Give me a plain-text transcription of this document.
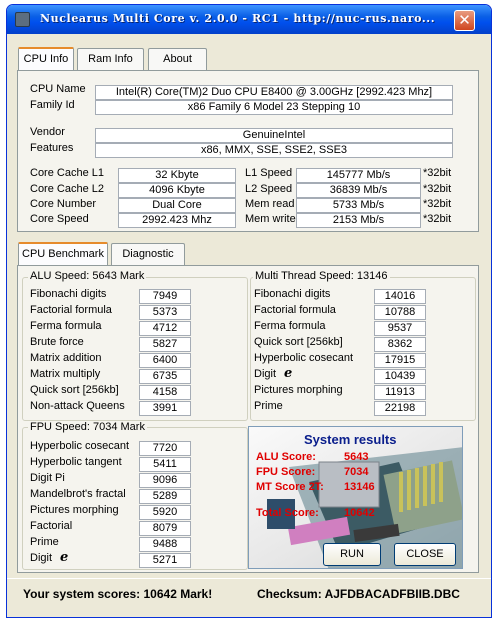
Nuclearus Multi Core v. 2.0.0 - RC1 - http://nuc-rus.naro...	✕
CPU Info	Ram Info	About
CPU Name	Intel(R) Core(TM)2 Duo CPU E8400 @ 3.00GHz [2992.423 Mhz]
Family Id	x86 Family 6 Model 23 Stepping 10
Vendor	GenuineIntel
Features	x86, MMX, SSE, SSE2, SSE3
Core Cache L1	32 Kbyte
Core Cache L2	4096 Kbyte
Core Number	Dual Core
Core Speed	2992.423 Mhz
L1 Speed	145777 Mb/s	*32bit
L2 Speed	36839 Mb/s	*32bit
Mem read	5733 Mb/s	*32bit
Mem write	2153 Mb/s	*32bit
CPU Benchmark	Diagnostic
ALU Speed: 5643 Mark
Fibonachi digits	7949
Factorial formula	5373
Ferma formula	4712
Brute force	5827
Matrix addition	6400
Matrix multiply	6735
Quick sort [256kb]	4158
Non-attack Queens	3991
Multi Thread Speed: 13146
Fibonachi digits	14016
Factorial formula	10788
Ferma formula	9537
Quick sort [256kb]	8362
Hyperbolic cosecant	17915
Digit e	10439
Pictures morphing	11913
Prime	22198
FPU Speed: 7034 Mark
Hyperbolic cosecant	7720
Hyperbolic tangent	5411
Digit Pi	9096
Mandelbrot's fractal	5289
Pictures morphing	5920
Factorial	8079
Prime	9488
Digit e	5271
System results
ALU Score:	5643
FPU Score:	7034
MT Score 2T: 13146
Total Score: 10642
RUN	CLOSE
Your system scores: 10642 Mark!	Checksum: AJFDBACADFBIIB.DBC
